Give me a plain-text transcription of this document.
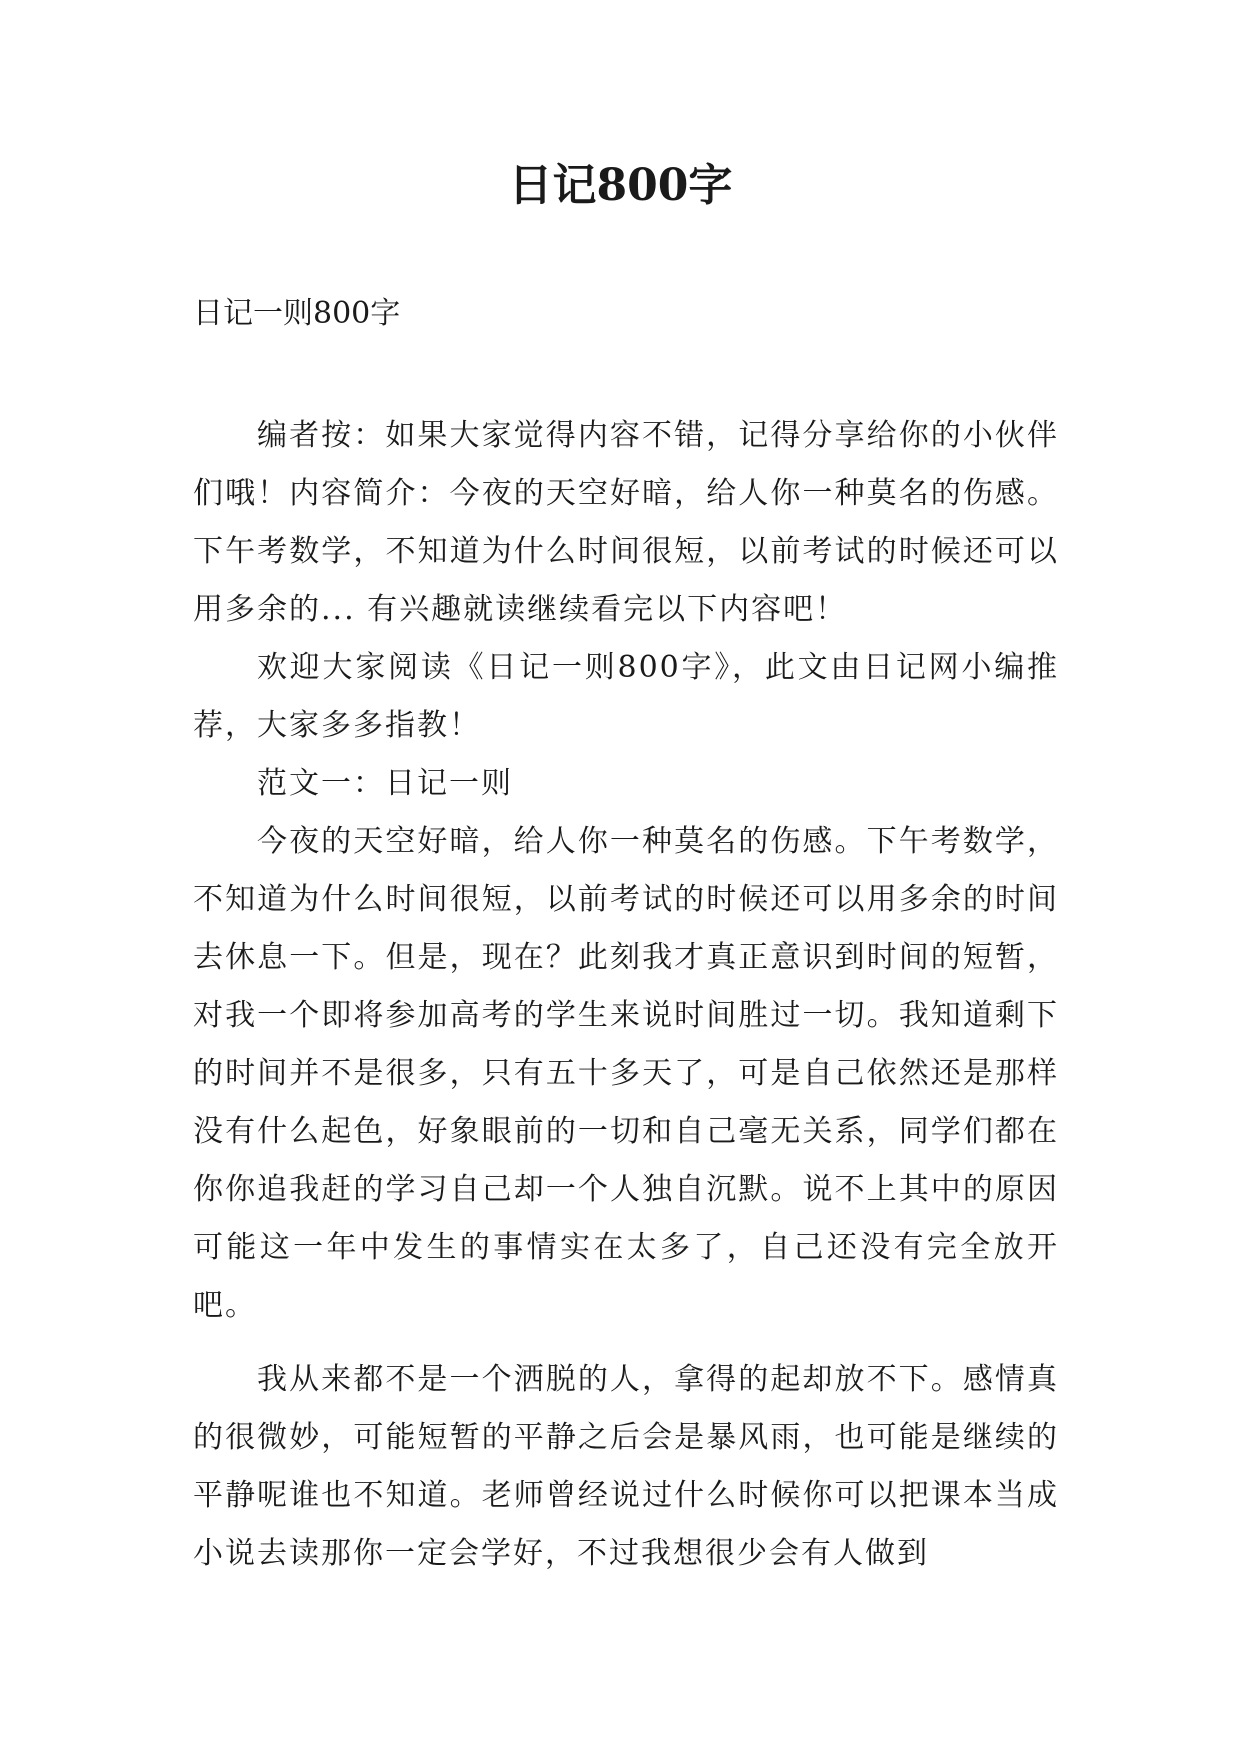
日记800字
日记一则800字

编者按：如果大家觉得内容不错，记得分享给你的小伙伴们哦！内容简介：今夜的天空好暗，给人你一种莫名的伤感。下午考数学，不知道为什么时间很短，以前考试的时候还可以用多余的... 有兴趣就读继续看完以下内容吧！

欢迎大家阅读《日记一则800字》，此文由日记网小编推荐，大家多多指教！

范文一：日记一则

今夜的天空好暗，给人你一种莫名的伤感。下午考数学，不知道为什么时间很短，以前考试的时候还可以用多余的时间去休息一下。但是，现在？此刻我才真正意识到时间的短暂，对我一个即将参加高考的学生来说时间胜过一切。我知道剩下的时间并不是很多，只有五十多天了，可是自己依然还是那样没有什么起色，好象眼前的一切和自己毫无关系，同学们都在你你追我赶的学习自己却一个人独自沉默。说不上其中的原因可能这一年中发生的事情实在太多了，自己还没有完全放开吧。

我从来都不是一个洒脱的人，拿得的起却放不下。感情真的很微妙，可能短暂的平静之后会是暴风雨，也可能是继续的平静呢谁也不知道。老师曾经说过什么时候你可以把课本当成小说去读那你一定会学好，不过我想很少会有人做到
